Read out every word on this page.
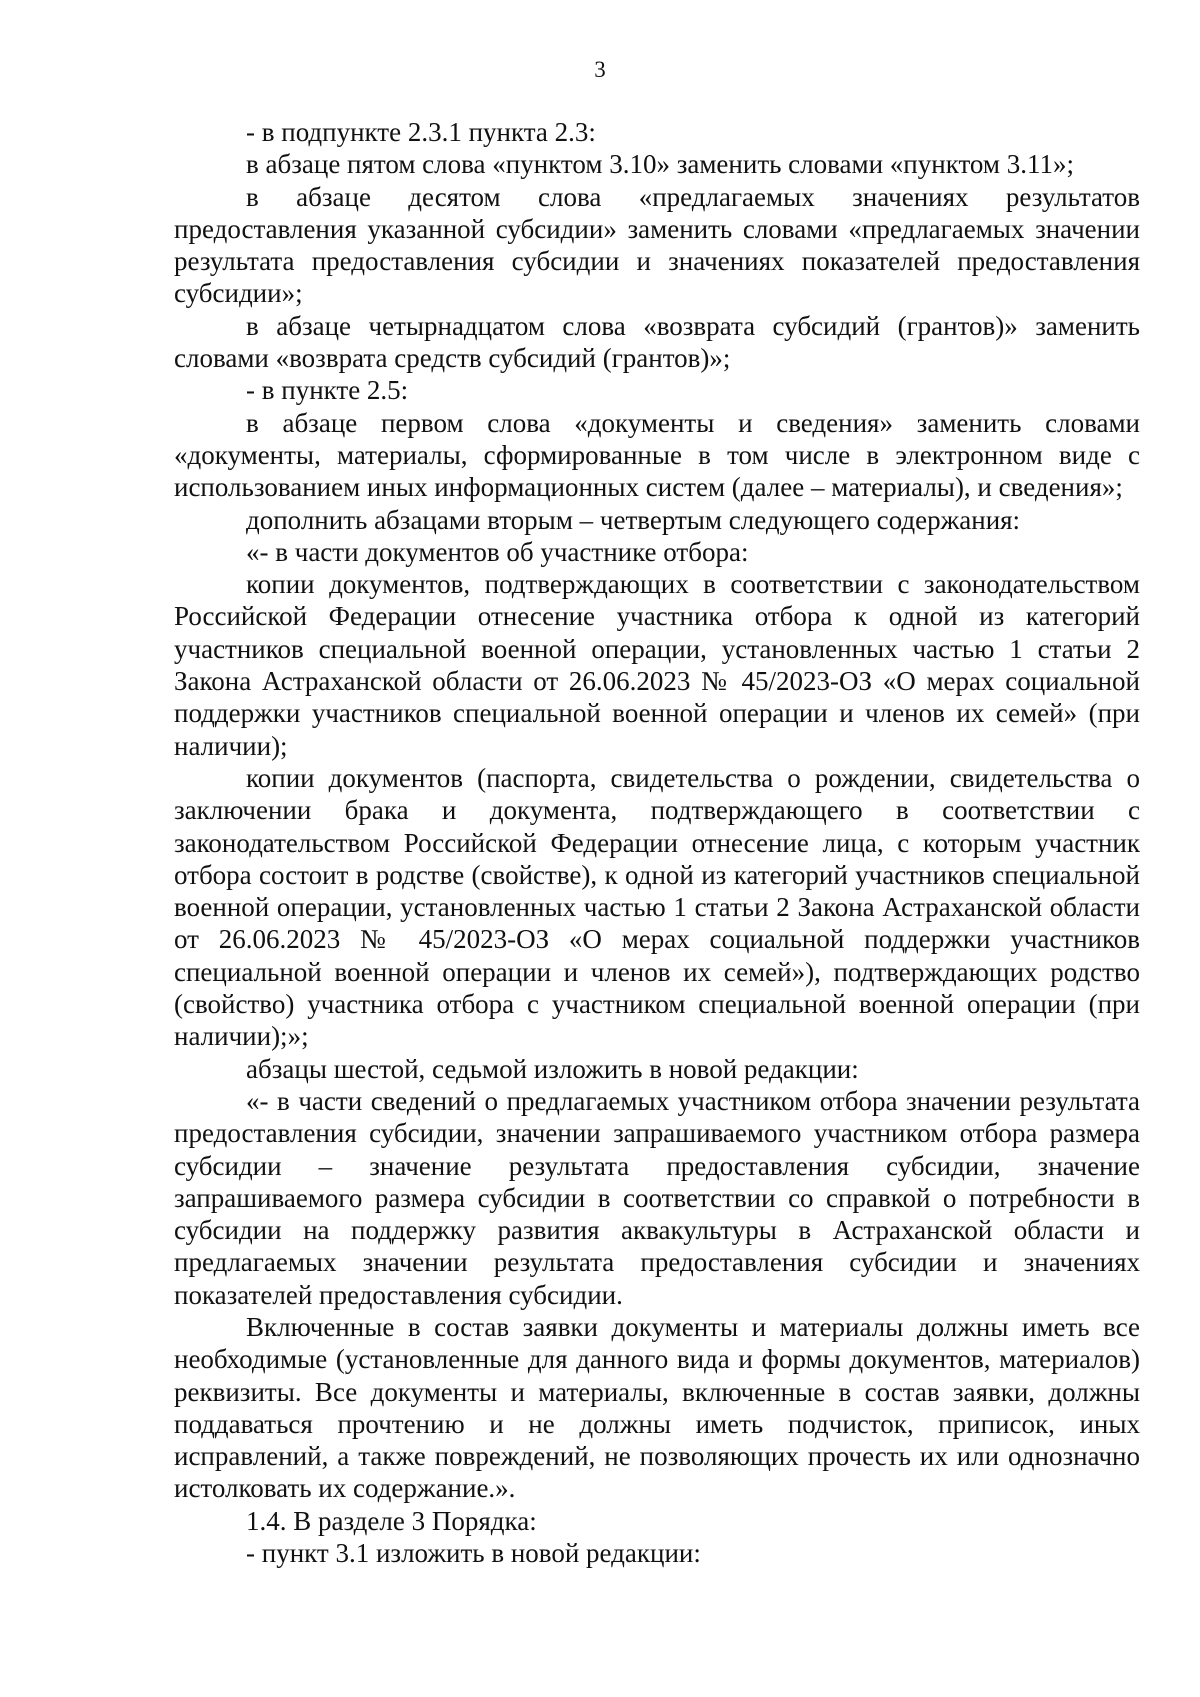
3

- в подпункте 2.3.1 пункта 2.3:

в абзаце пятом слова «пунктом 3.10» заменить словами «пунктом 3.11»;

в абзаце десятом слова «предлагаемых значениях результатов предоставления указанной субсидии» заменить словами «предлагаемых значении результата предоставления субсидии и значениях показателей предоставления субсидии»;

в абзаце четырнадцатом слова «возврата субсидий (грантов)» заменить словами «возврата средств субсидий (грантов)»;

- в пункте 2.5:

в абзаце первом слова «документы и сведения» заменить словами «документы, материалы, сформированные в том числе в электронном виде с использованием иных информационных систем (далее – материалы), и сведения»;

дополнить абзацами вторым – четвертым следующего содержания:

«- в части документов об участнике отбора:

копии документов, подтверждающих в соответствии с законодательством Российской Федерации отнесение участника отбора к одной из категорий участников специальной военной операции, установленных частью 1 статьи 2 Закона Астраханской области от 26.06.2023 № 45/2023-ОЗ «О мерах социальной поддержки участников специальной военной операции и членов их семей» (при наличии);

копии документов (паспорта, свидетельства о рождении, свидетельства о заключении брака и документа, подтверждающего в соответствии с законодательством Российской Федерации отнесение лица, с которым участник отбора состоит в родстве (свойстве), к одной из категорий участников специальной военной операции, установленных частью 1 статьи 2 Закона Астраханской области от 26.06.2023 № 45/2023-ОЗ «О мерах социальной поддержки участников специальной военной операции и членов их семей»), подтверждающих родство (свойство) участника отбора с участником специальной военной операции (при наличии);»;

абзацы шестой, седьмой изложить в новой редакции:

«- в части сведений о предлагаемых участником отбора значении результата предоставления субсидии, значении запрашиваемого участником отбора размера субсидии – значение результата предоставления субсидии, значение запрашиваемого размера субсидии в соответствии со справкой о потребности в субсидии на поддержку развития аквакультуры в Астраханской области и предлагаемых значении результата предоставления субсидии и значениях показателей предоставления субсидии.

Включенные в состав заявки документы и материалы должны иметь все необходимые (установленные для данного вида и формы документов, материалов) реквизиты. Все документы и материалы, включенные в состав заявки, должны поддаваться прочтению и не должны иметь подчисток, приписок, иных исправлений, а также повреждений, не позволяющих прочесть их или однозначно истолковать их содержание.».

1.4. В разделе 3 Порядка:

- пункт 3.1 изложить в новой редакции:
